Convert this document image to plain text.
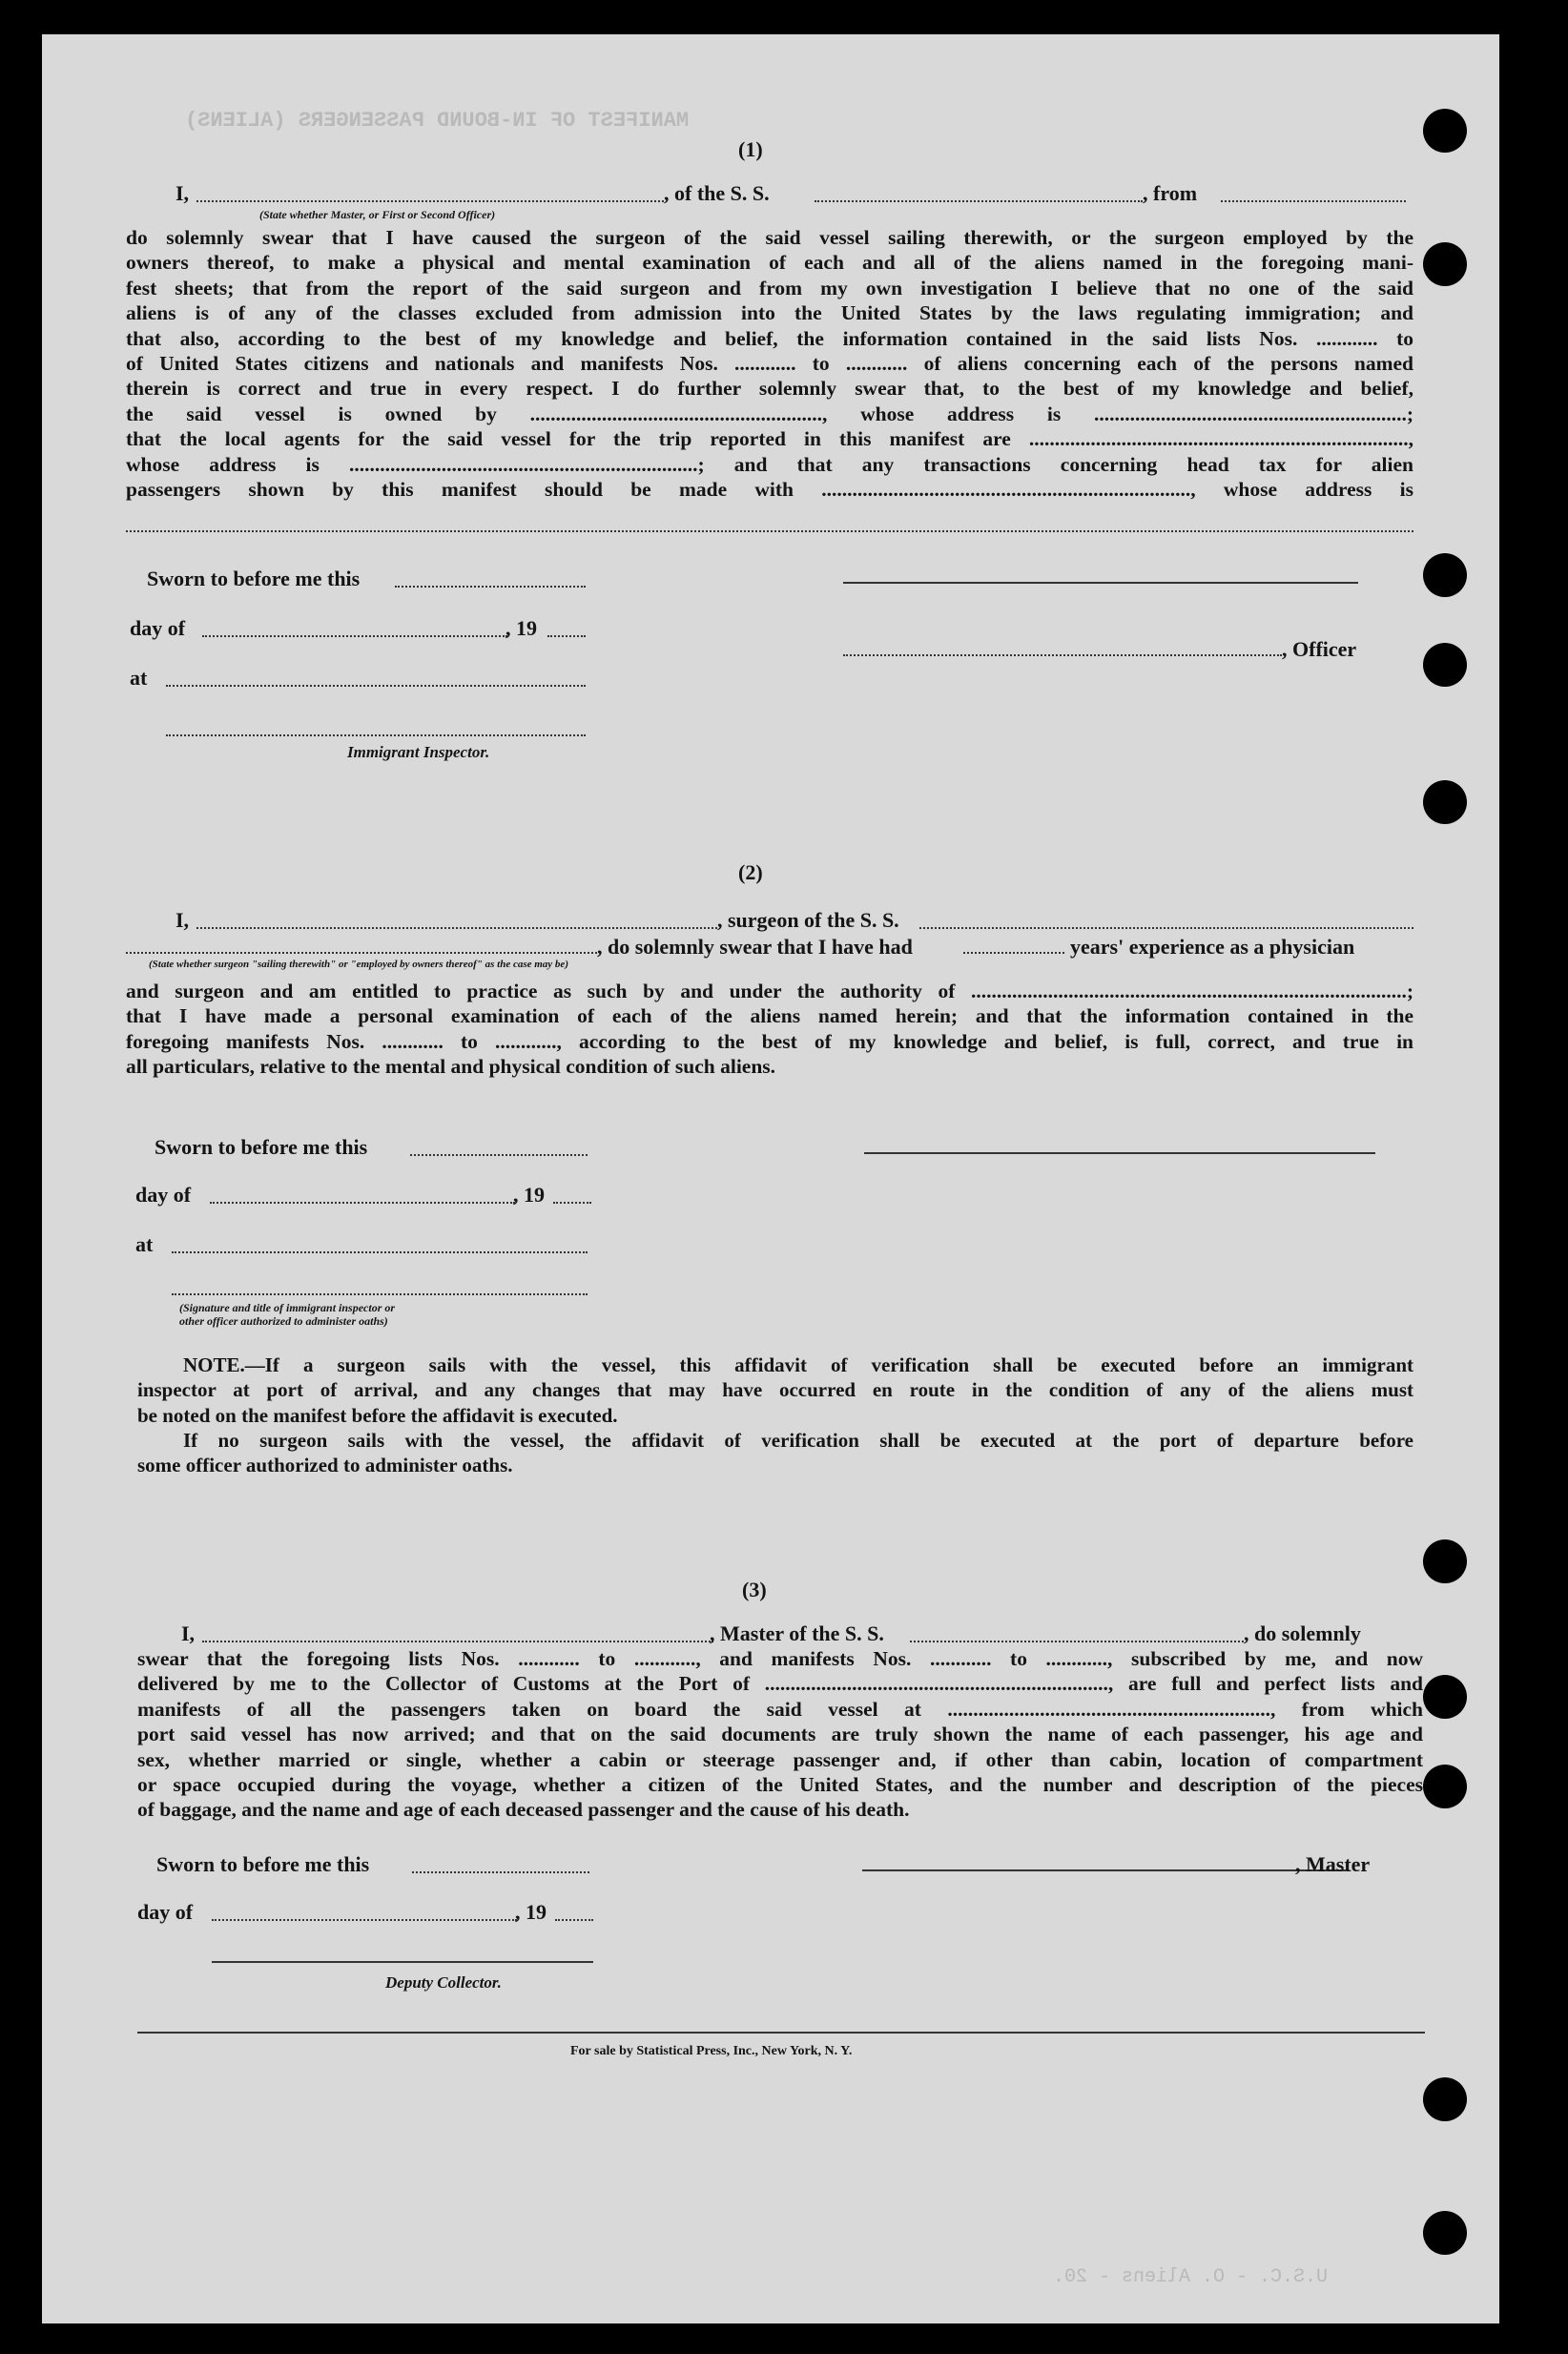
MANIFEST OF IN-BOUND PASSENGERS (ALIENS)
U.S.C. - O. Aliens - 20.
(1)
I,	, of the S. S.	, from
(State whether Master, or First or Second Officer)
do solemnly swear that I have caused the surgeon of the said vessel sailing therewith, or the surgeon employed by the
owners thereof, to make a physical and mental examination of each and all of the aliens named in the foregoing mani-
fest sheets; that from the report of the said surgeon and from my own investigation I believe that no one of the said
aliens is of any of the classes excluded from admission into the United States by the laws regulating immigration; and
that also, according to the best of my knowledge and belief, the information contained in the said lists Nos. ............ to
of United States citizens and nationals and manifests Nos. ............ to ............ of aliens concerning each of the persons named
therein is correct and true in every respect. I do further solemnly swear that, to the best of my knowledge and belief,
the said vessel is owned by ........................................................., whose address is .............................................................;
that the local agents for the said vessel for the trip reported in this manifest are ..........................................................................,
whose address is ....................................................................; and that any transactions concerning head tax for alien
passengers shown by this manifest should be made with ........................................................................, whose address is
Sworn to before me this
day of	, 19
at
Immigrant Inspector.
, Officer
(2)
I,	, surgeon of the S. S.
, do solemnly swear that I have had	years' experience as a physician
(State whether surgeon "sailing therewith" or "employed by owners thereof" as the case may be)
and surgeon and am entitled to practice as such by and under the authority of .....................................................................................;
that I have made a personal examination of each of the aliens named herein; and that the information contained in the
foregoing manifests Nos. ............ to ............, according to the best of my knowledge and belief, is full, correct, and true in
all particulars, relative to the mental and physical condition of such aliens.
Sworn to before me this
day of	, 19
at
(Signature and title of immigrant inspector or
other officer authorized to administer oaths)
NOTE.—If a surgeon sails with the vessel, this affidavit of verification shall be executed before an immigrant
inspector at port of arrival, and any changes that may have occurred en route in the condition of any of the aliens must
be noted on the manifest before the affidavit is executed.
If no surgeon sails with the vessel, the affidavit of verification shall be executed at the port of departure before
some officer authorized to administer oaths.
(3)
I,	, Master of the S. S.	, do solemnly
swear that the foregoing lists Nos. ............ to ............, and manifests Nos. ............ to ............, subscribed by me, and now
delivered by me to the Collector of Customs at the Port of ..................................................................., are full and perfect lists and
manifests of all the passengers taken on board the said vessel at ..............................................................., from which
port said vessel has now arrived; and that on the said documents are truly shown the name of each passenger, his age and
sex, whether married or single, whether a cabin or steerage passenger and, if other than cabin, location of compartment
or space occupied during the voyage, whether a citizen of the United States, and the number and description of the pieces
of baggage, and the name and age of each deceased passenger and the cause of his death.
Sworn to before me this
day of	, 19
Deputy Collector.
, Master
For sale by Statistical Press, Inc., New York, N. Y.
